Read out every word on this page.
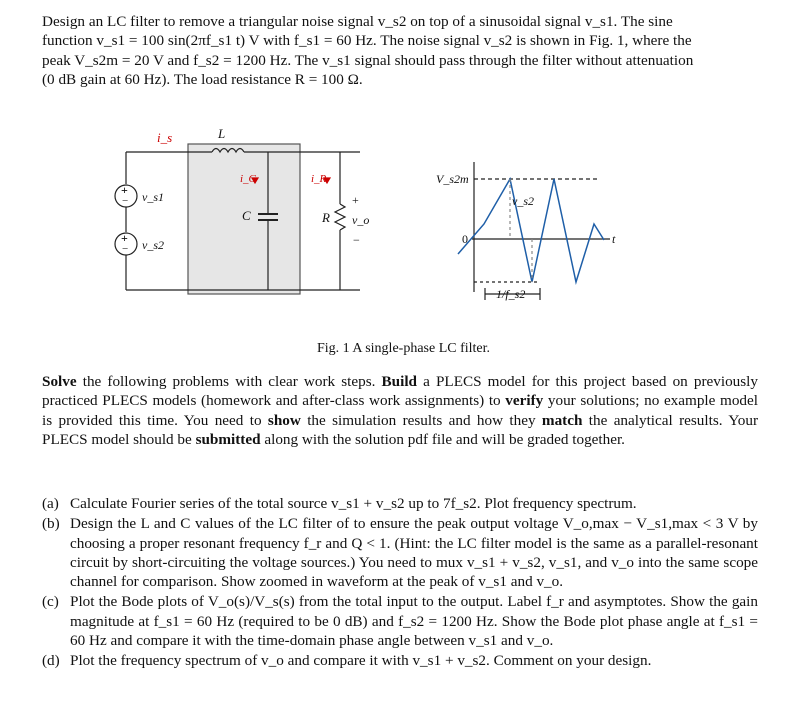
Design an LC filter to remove a triangular noise signal v_s2 on top of a sinusoidal signal v_s1. The sine

function v_s1 = 100 sin(2πf_s1 t) V with f_s1 = 60 Hz. The noise signal v_s2 is shown in Fig. 1, where the

peak V_s2m = 20 V and f_s2 = 1200 Hz. The v_s1 signal should pass through the filter without attenuation

(0 dB gain at 60 Hz). The load resistance R = 100 Ω.

+
−
+
−
i_s	L
i_C	i_R
C	R
+
v_o
−
v_s1
v_s2
V_s2m
v_s2
0	t
1/f_s2
Fig. 1 A single-phase LC filter.
Solve the following problems with clear work steps. Build a PLECS model for this project based on previously practiced PLECS models (homework and after-class work assignments) to verify your solutions; no example model is provided this time. You need to show the simulation results and how they match the analytical results. Your PLECS model should be submitted along with the solution pdf file and will be graded together.
(a) Calculate Fourier series of the total source v_s1 + v_s2 up to 7f_s2. Plot frequency spectrum.
(b) Design the L and C values of the LC filter of to ensure the peak output voltage V_o,max − V_s1,max < 3 V by choosing a proper resonant frequency f_r and Q < 1. (Hint: the LC filter model is the same as a parallel-resonant circuit by short-circuiting the voltage sources.) You need to mux v_s1 + v_s2, v_s1, and v_o into the same scope channel for comparison. Show zoomed in waveform at the peak of v_s1 and v_o.
(c) Plot the Bode plots of V_o(s)/V_s(s) from the total input to the output. Label f_r and asymptotes. Show the gain magnitude at f_s1 = 60 Hz (required to be 0 dB) and f_s2 = 1200 Hz. Show the Bode plot phase angle at f_s1 = 60 Hz and compare it with the time-domain phase angle between v_s1 and v_o.
(d) Plot the frequency spectrum of v_o and compare it with v_s1 + v_s2. Comment on your design.
